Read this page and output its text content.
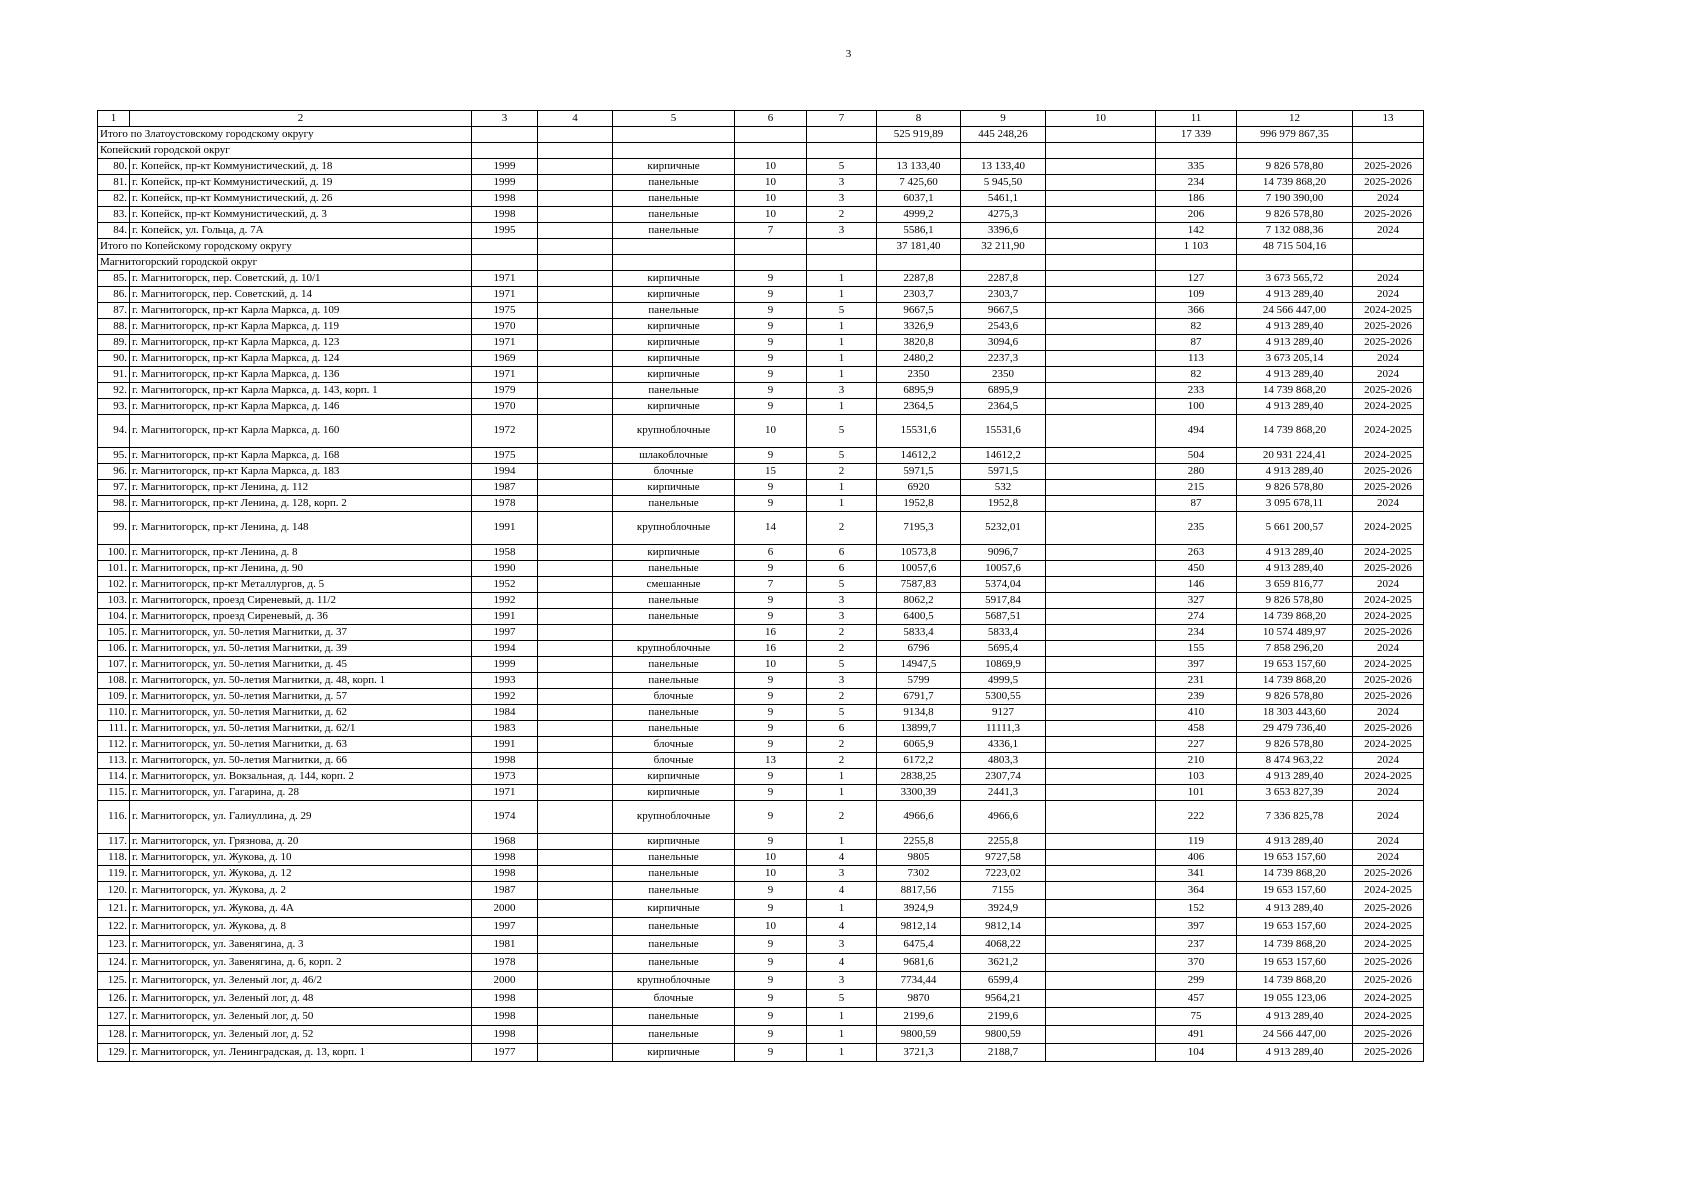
3
1	2	3	4	5	6	7	8	9	10	11	12	13
Итого по Златоустовскому городскому округу							525 919,89	445 248,26		17 339	996 979 867,35	
Копейский городской округ												
80.	г. Копейск, пр-кт Коммунистический, д. 18	1999		кирпичные	10	5	13 133,40	13 133,40		335	9 826 578,80	2025-2026
81.	г. Копейск, пр-кт Коммунистический, д. 19	1999		панельные	10	3	7 425,60	5 945,50		234	14 739 868,20	2025-2026
82.	г. Копейск, пр-кт Коммунистический, д. 26	1998		панельные	10	3	6037,1	5461,1		186	7 190 390,00	2024
83.	г. Копейск, пр-кт Коммунистический, д. 3	1998		панельные	10	2	4999,2	4275,3		206	9 826 578,80	2025-2026
84.	г. Копейск, ул. Гольца, д. 7А	1995		панельные	7	3	5586,1	3396,6		142	7 132 088,36	2024
Итого по Копейскому городскому округу							37 181,40	32 211,90		1 103	48 715 504,16	
Магнитогорский городской округ												
85.	г. Магнитогорск, пер. Советский, д. 10/1	1971		кирпичные	9	1	2287,8	2287,8		127	3 673 565,72	2024
86.	г. Магнитогорск, пер. Советский, д. 14	1971		кирпичные	9	1	2303,7	2303,7		109	4 913 289,40	2024
87.	г. Магнитогорск, пр-кт Карла Маркса, д. 109	1975		панельные	9	5	9667,5	9667,5		366	24 566 447,00	2024-2025
88.	г. Магнитогорск, пр-кт Карла Маркса, д. 119	1970		кирпичные	9	1	3326,9	2543,6		82	4 913 289,40	2025-2026
89.	г. Магнитогорск, пр-кт Карла Маркса, д. 123	1971		кирпичные	9	1	3820,8	3094,6		87	4 913 289,40	2025-2026
90.	г. Магнитогорск, пр-кт Карла Маркса, д. 124	1969		кирпичные	9	1	2480,2	2237,3		113	3 673 205,14	2024
91.	г. Магнитогорск, пр-кт Карла Маркса, д. 136	1971		кирпичные	9	1	2350	2350		82	4 913 289,40	2024
92.	г. Магнитогорск, пр-кт Карла Маркса, д. 143, корп. 1	1979		панельные	9	3	6895,9	6895,9		233	14 739 868,20	2025-2026
93.	г. Магнитогорск, пр-кт Карла Маркса, д. 146	1970		кирпичные	9	1	2364,5	2364,5		100	4 913 289,40	2024-2025
94.	г. Магнитогорск, пр-кт Карла Маркса, д. 160	1972		крупноблочные	10	5	15531,6	15531,6		494	14 739 868,20	2024-2025
95.	г. Магнитогорск, пр-кт Карла Маркса, д. 168	1975		шлакоблочные	9	5	14612,2	14612,2		504	20 931 224,41	2024-2025
96.	г. Магнитогорск, пр-кт Карла Маркса, д. 183	1994		блочные	15	2	5971,5	5971,5		280	4 913 289,40	2025-2026
97.	г. Магнитогорск, пр-кт Ленина, д. 112	1987		кирпичные	9	1	6920	532		215	9 826 578,80	2025-2026
98.	г. Магнитогорск, пр-кт Ленина, д. 128, корп. 2	1978		панельные	9	1	1952,8	1952,8		87	3 095 678,11	2024
99.	г. Магнитогорск, пр-кт Ленина, д. 148	1991		крупноблочные	14	2	7195,3	5232,01		235	5 661 200,57	2024-2025
100.	г. Магнитогорск, пр-кт Ленина, д. 8	1958		кирпичные	6	6	10573,8	9096,7		263	4 913 289,40	2024-2025
101.	г. Магнитогорск, пр-кт Ленина, д. 90	1990		панельные	9	6	10057,6	10057,6		450	4 913 289,40	2025-2026
102.	г. Магнитогорск, пр-кт Металлургов, д. 5	1952		смешанные	7	5	7587,83	5374,04		146	3 659 816,77	2024
103.	г. Магнитогорск, проезд Сиреневый, д. 11/2	1992		панельные	9	3	8062,2	5917,84		327	9 826 578,80	2024-2025
104.	г. Магнитогорск, проезд Сиреневый, д. 36	1991		панельные	9	3	6400,5	5687,51		274	14 739 868,20	2024-2025
105.	г. Магнитогорск, ул. 50-летия Магнитки, д. 37	1997			16	2	5833,4	5833,4		234	10 574 489,97	2025-2026
106.	г. Магнитогорск, ул. 50-летия Магнитки, д. 39	1994		крупноблочные	16	2	6796	5695,4		155	7 858 296,20	2024
107.	г. Магнитогорск, ул. 50-летия Магнитки, д. 45	1999		панельные	10	5	14947,5	10869,9		397	19 653 157,60	2024-2025
108.	г. Магнитогорск, ул. 50-летия Магнитки, д. 48, корп. 1	1993		панельные	9	3	5799	4999,5		231	14 739 868,20	2025-2026
109.	г. Магнитогорск, ул. 50-летия Магнитки, д. 57	1992		блочные	9	2	6791,7	5300,55		239	9 826 578,80	2025-2026
110.	г. Магнитогорск, ул. 50-летия Магнитки, д. 62	1984		панельные	9	5	9134,8	9127		410	18 303 443,60	2024
111.	г. Магнитогорск, ул. 50-летия Магнитки, д. 62/1	1983		панельные	9	6	13899,7	11111,3		458	29 479 736,40	2025-2026
112.	г. Магнитогорск, ул. 50-летия Магнитки, д. 63	1991		блочные	9	2	6065,9	4336,1		227	9 826 578,80	2024-2025
113.	г. Магнитогорск, ул. 50-летия Магнитки, д. 66	1998		блочные	13	2	6172,2	4803,3		210	8 474 963,22	2024
114.	г. Магнитогорск, ул. Вокзальная, д. 144, корп. 2	1973		кирпичные	9	1	2838,25	2307,74		103	4 913 289,40	2024-2025
115.	г. Магнитогорск, ул. Гагарина, д. 28	1971		кирпичные	9	1	3300,39	2441,3		101	3 653 827,39	2024
116.	г. Магнитогорск, ул. Галиуллина, д. 29	1974		крупноблочные	9	2	4966,6	4966,6		222	7 336 825,78	2024
117.	г. Магнитогорск, ул. Грязнова, д. 20	1968		кирпичные	9	1	2255,8	2255,8		119	4 913 289,40	2024
118.	г. Магнитогорск, ул. Жукова, д. 10	1998		панельные	10	4	9805	9727,58		406	19 653 157,60	2024
119.	г. Магнитогорск, ул. Жукова, д. 12	1998		панельные	10	3	7302	7223,02		341	14 739 868,20	2025-2026
120.	г. Магнитогорск, ул. Жукова, д. 2	1987		панельные	9	4	8817,56	7155		364	19 653 157,60	2024-2025
121.	г. Магнитогорск, ул. Жукова, д. 4А	2000		кирпичные	9	1	3924,9	3924,9		152	4 913 289,40	2025-2026
122.	г. Магнитогорск, ул. Жукова, д. 8	1997		панельные	10	4	9812,14	9812,14		397	19 653 157,60	2024-2025
123.	г. Магнитогорск, ул. Завенягина, д. 3	1981		панельные	9	3	6475,4	4068,22		237	14 739 868,20	2024-2025
124.	г. Магнитогорск, ул. Завенягина, д. 6, корп. 2	1978		панельные	9	4	9681,6	3621,2		370	19 653 157,60	2025-2026
125.	г. Магнитогорск, ул. Зеленый лог, д. 46/2	2000		крупноблочные	9	3	7734,44	6599,4		299	14 739 868,20	2025-2026
126.	г. Магнитогорск, ул. Зеленый лог, д. 48	1998		блочные	9	5	9870	9564,21		457	19 055 123,06	2024-2025
127.	г. Магнитогорск, ул. Зеленый лог, д. 50	1998		панельные	9	1	2199,6	2199,6		75	4 913 289,40	2024-2025
128.	г. Магнитогорск, ул. Зеленый лог, д. 52	1998		панельные	9	1	9800,59	9800,59		491	24 566 447,00	2025-2026
129.	г. Магнитогорск, ул. Ленинградская, д. 13, корп. 1	1977		кирпичные	9	1	3721,3	2188,7		104	4 913 289,40	2025-2026
